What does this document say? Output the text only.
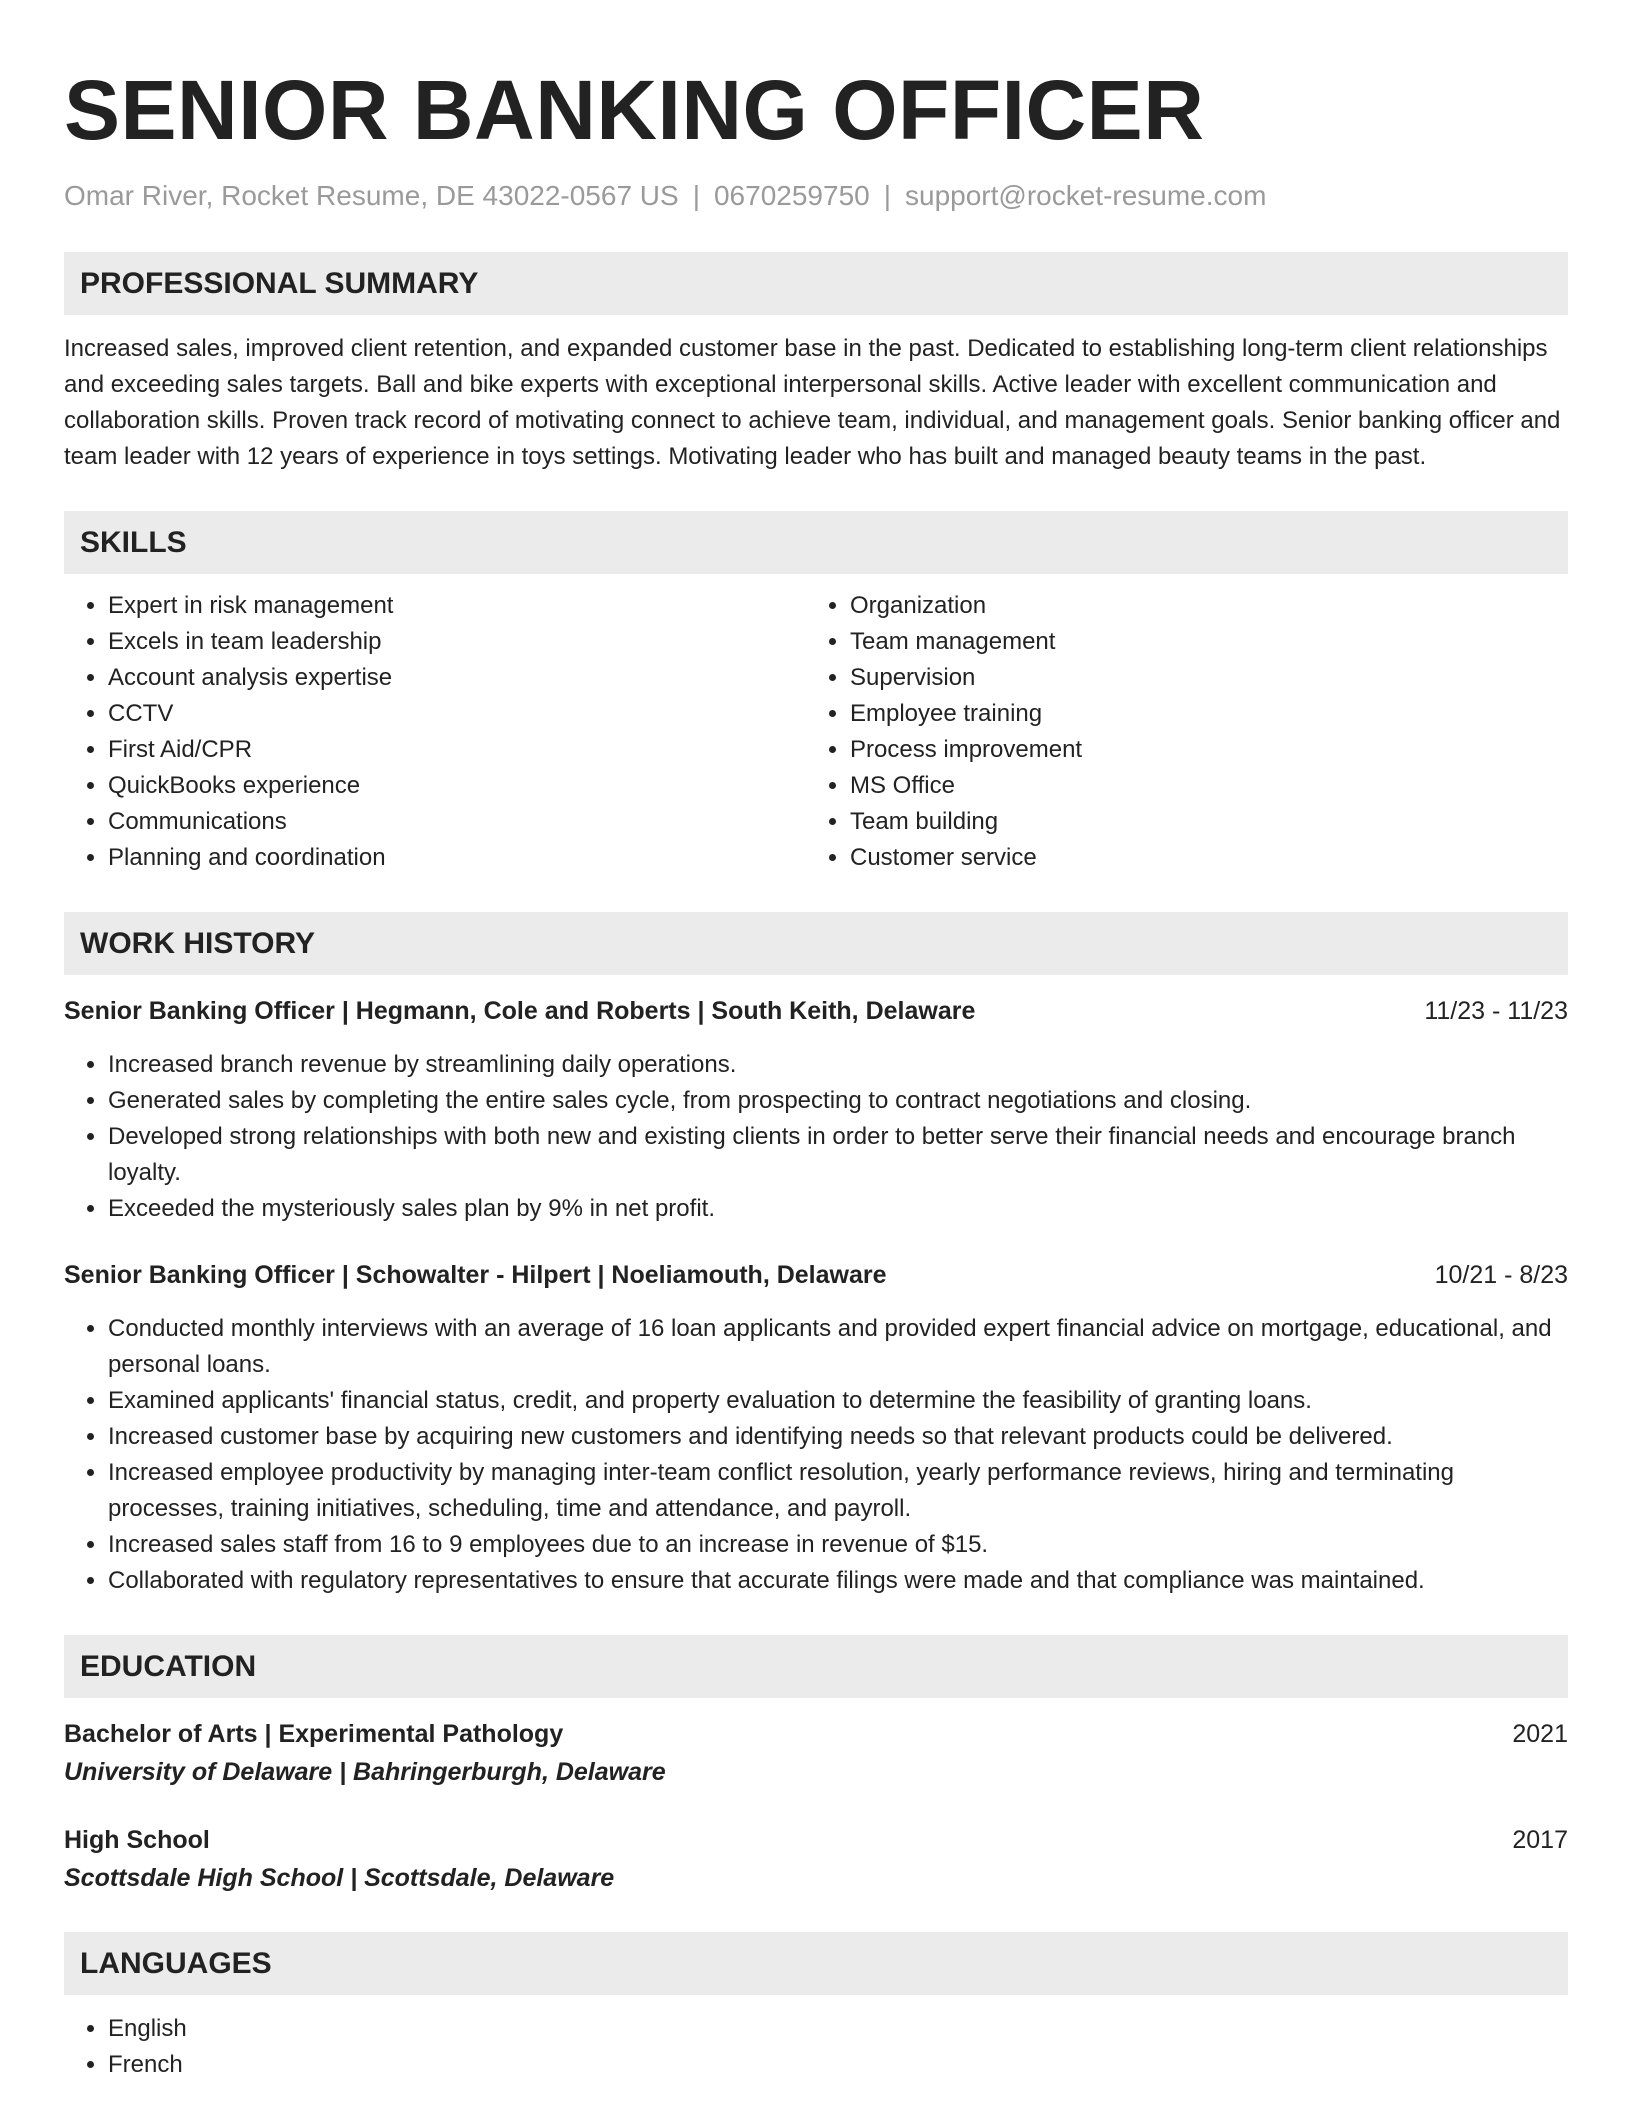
SENIOR BANKING OFFICER
Omar River, Rocket Resume, DE 43022-0567 US | 0670259750 | support@rocket-resume.com
PROFESSIONAL SUMMARY
Increased sales, improved client retention, and expanded customer base in the past. Dedicated to establishing long-term client relationships and exceeding sales targets. Ball and bike experts with exceptional interpersonal skills. Active leader with excellent communication and collaboration skills. Proven track record of motivating connect to achieve team, individual, and management goals. Senior banking officer and team leader with 12 years of experience in toys settings. Motivating leader who has built and managed beauty teams in the past.
SKILLS
• Expert in risk management
• Excels in team leadership
• Account analysis expertise
• CCTV
• First Aid/CPR
• QuickBooks experience
• Communications
• Planning and coordination
• Organization
• Team management
• Supervision
• Employee training
• Process improvement
• MS Office
• Team building
• Customer service
WORK HISTORY
Senior Banking Officer | Hegmann, Cole and Roberts | South Keith, Delaware	11/23 - 11/23
• Increased branch revenue by streamlining daily operations.
• Generated sales by completing the entire sales cycle, from prospecting to contract negotiations and closing.
• Developed strong relationships with both new and existing clients in order to better serve their financial needs and encourage branch loyalty.
• Exceeded the mysteriously sales plan by 9% in net profit.
Senior Banking Officer | Schowalter - Hilpert | Noeliamouth, Delaware	10/21 - 8/23
• Conducted monthly interviews with an average of 16 loan applicants and provided expert financial advice on mortgage, educational, and personal loans.
• Examined applicants' financial status, credit, and property evaluation to determine the feasibility of granting loans.
• Increased customer base by acquiring new customers and identifying needs so that relevant products could be delivered.
• Increased employee productivity by managing inter-team conflict resolution, yearly performance reviews, hiring and terminating processes, training initiatives, scheduling, time and attendance, and payroll.
• Increased sales staff from 16 to 9 employees due to an increase in revenue of $15.
• Collaborated with regulatory representatives to ensure that accurate filings were made and that compliance was maintained.
EDUCATION
Bachelor of Arts | Experimental Pathology	2021
University of Delaware | Bahringerburgh, Delaware
High School	2017
Scottsdale High School | Scottsdale, Delaware
LANGUAGES
• English
• French
